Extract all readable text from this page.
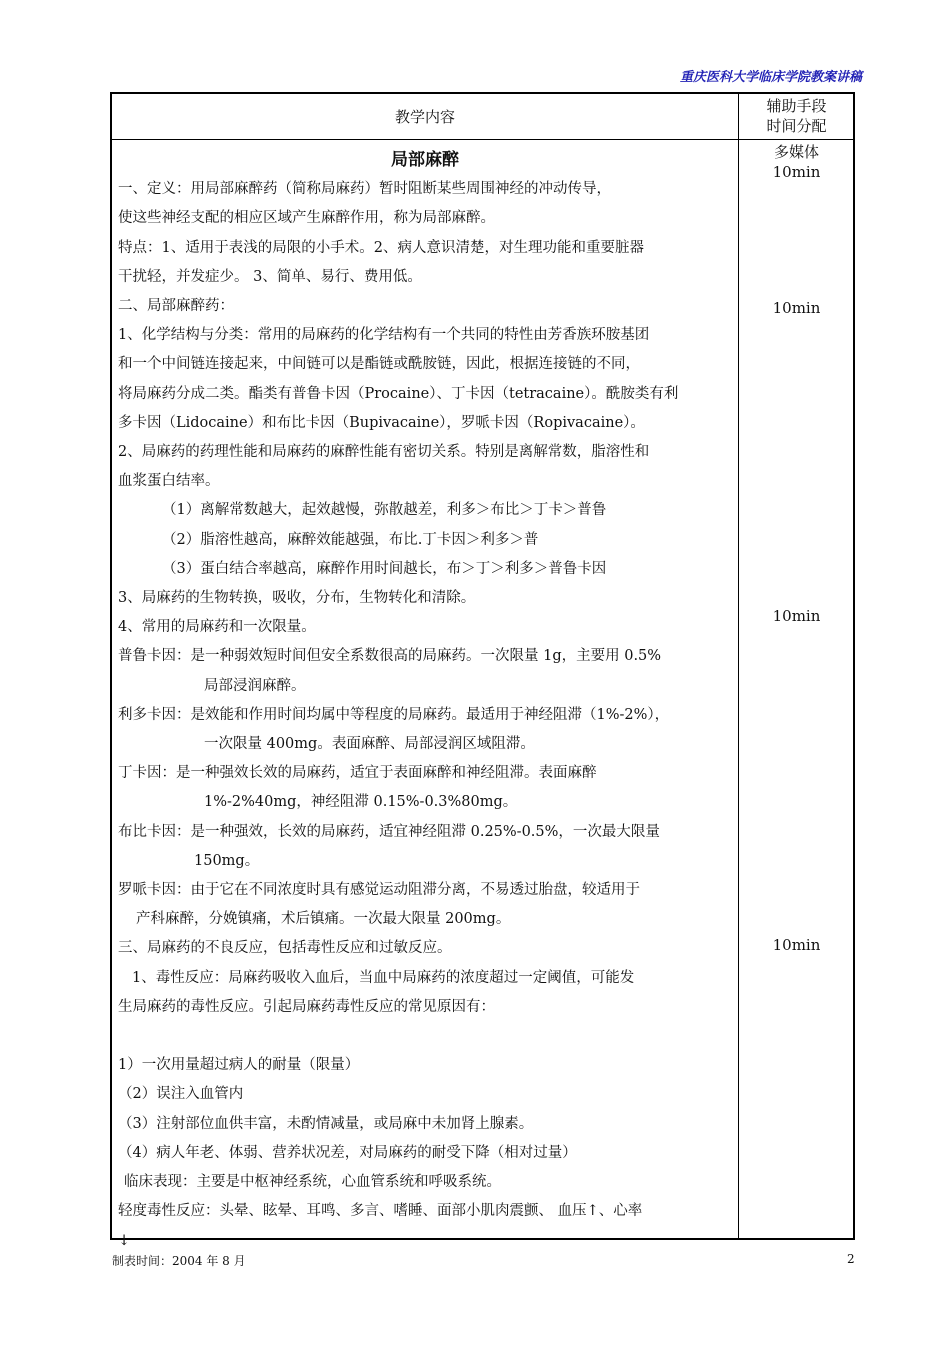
重庆医科大学临床学院教案讲稿
教学内容
辅助手段
时间分配

局部麻醉

一、定义：用局部麻醉药（简称局麻药）暂时阻断某些周围神经的冲动传导，

使这些神经支配的相应区域产生麻醉作用，称为局部麻醉。

特点：1、适用于表浅的局限的小手术。2、病人意识清楚，对生理功能和重要脏器

干扰轻，并发症少。 3、简单、易行、费用低。

二、局部麻醉药：

1、化学结构与分类：常用的局麻药的化学结构有一个共同的特性由芳香族环胺基团

和一个中间链连接起来，中间链可以是酯链或酰胺链，因此，根据连接链的不同，

将局麻药分成二类。酯类有普鲁卡因（Procaine）、丁卡因（tetracaine）。酰胺类有利

多卡因（Lidocaine）和布比卡因（Bupivacaine），罗哌卡因（Ropivacaine）。

2、局麻药的药理性能和局麻药的麻醉性能有密切关系。特别是离解常数，脂溶性和

血浆蛋白结率。

（1）离解常数越大，起效越慢，弥散越差，利多＞布比＞丁卡＞普鲁

（2）脂溶性越高，麻醉效能越强，布比.丁卡因＞利多＞普

（3）蛋白结合率越高，麻醉作用时间越长，布＞丁＞利多＞普鲁卡因

3、局麻药的生物转换，吸收，分布，生物转化和清除。

4、常用的局麻药和一次限量。

普鲁卡因：是一种弱效短时间但安全系数很高的局麻药。一次限量 1g，主要用 0.5%

局部浸润麻醉。

利多卡因：是效能和作用时间均属中等程度的局麻药。最适用于神经阻滞（1%-2%），

一次限量 400mg。表面麻醉、局部浸润区域阻滞。

丁卡因：是一种强效长效的局麻药，适宜于表面麻醉和神经阻滞。表面麻醉

1%-2%40mg，神经阻滞 0.15%-0.3%80mg。

布比卡因：是一种强效，长效的局麻药，适宜神经阻滞 0.25%-0.5%，一次最大限量

150mg。

罗哌卡因：由于它在不同浓度时具有感觉运动阻滞分离，不易透过胎盘，较适用于

产科麻醉，分娩镇痛，术后镇痛。一次最大限量 200mg。

三、局麻药的不良反应，包括毒性反应和过敏反应。

1、毒性反应：局麻药吸收入血后，当血中局麻药的浓度超过一定阈值，可能发

生局麻药的毒性反应。引起局麻药毒性反应的常见原因有：

1）一次用量超过病人的耐量（限量）

（2）误注入血管内

（3）注射部位血供丰富，未酌情减量，或局麻中未加肾上腺素。

（4）病人年老、体弱、营养状况差，对局麻药的耐受下降（相对过量）

临床表现：主要是中枢神经系统，心血管系统和呼吸系统。

轻度毒性反应：头晕、眩晕、耳鸣、多言、嗜睡、面部小肌肉震颤、 血压↑、心率

↓

多媒体
10min
10min
10min
10min
制表时间：2004 年 8 月	2
